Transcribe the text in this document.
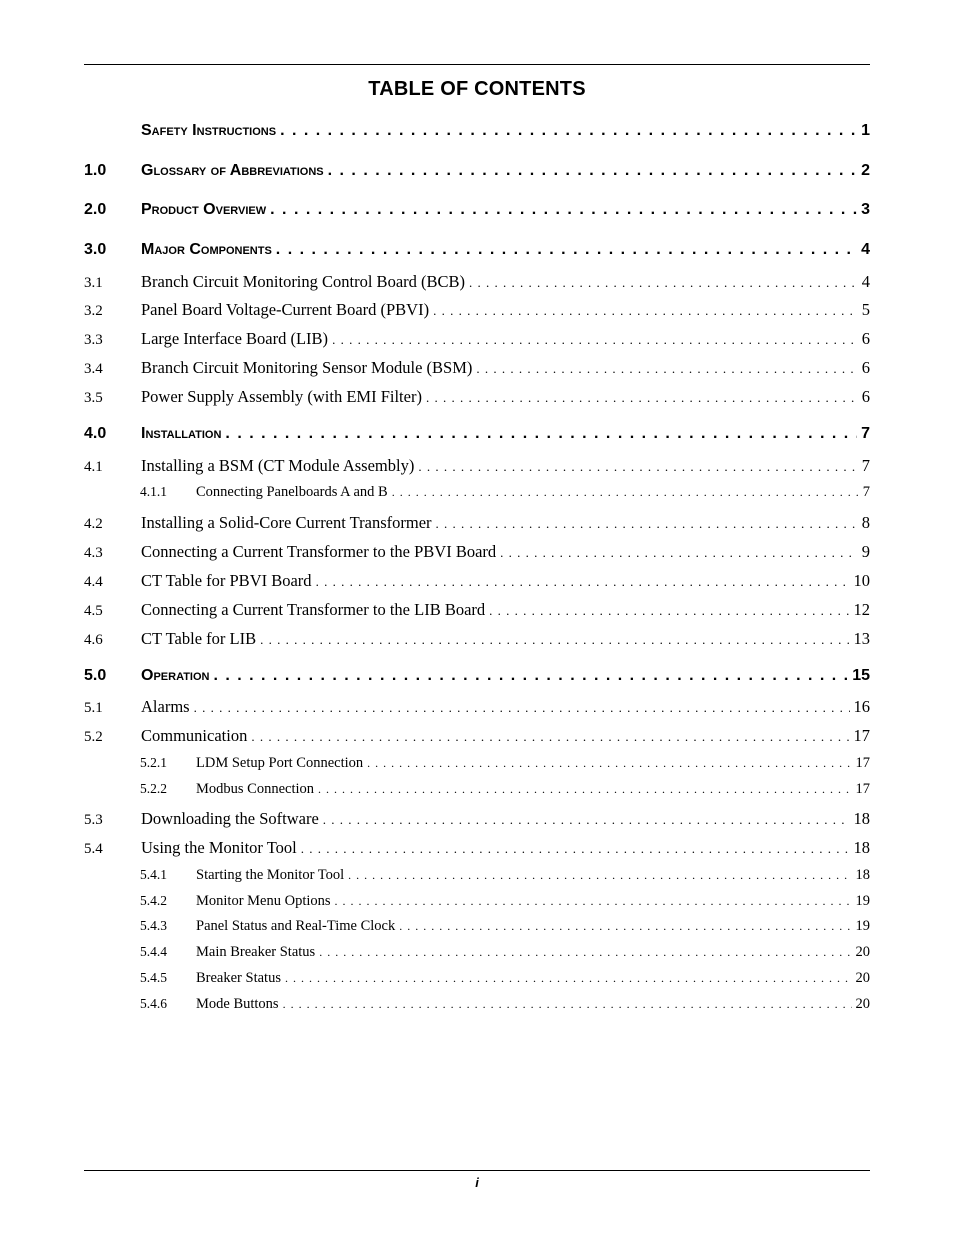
TABLE OF CONTENTS
Safety Instructions . . .	1
1.0	Glossary of Abbreviations . . .	2
2.0	Product Overview . . .	3
3.0	Major Components . . .	4
3.1	Branch Circuit Monitoring Control Board (BCB) . . .	4
3.2	Panel Board Voltage-Current Board (PBVI) . . .	5
3.3	Large Interface Board (LIB) . . .	6
3.4	Branch Circuit Monitoring Sensor Module (BSM) . . .	6
3.5	Power Supply Assembly (with EMI Filter) . . .	6
4.0	Installation . . .	7
4.1	Installing a BSM (CT Module Assembly) . . .	7
4.1.1	Connecting Panelboards A and B . . .	7
4.2	Installing a Solid-Core Current Transformer . . .	8
4.3	Connecting a Current Transformer to the PBVI Board . . .	9
4.4	CT Table for PBVI Board . . .	10
4.5	Connecting a Current Transformer to the LIB Board . . .	12
4.6	CT Table for LIB . . .	13
5.0	Operation . . .	15
5.1	Alarms . . .	16
5.2	Communication . . .	17
5.2.1	LDM Setup Port Connection . . .	17
5.2.2	Modbus Connection . . .	17
5.3	Downloading the Software . . .	18
5.4	Using the Monitor Tool . . .	18
5.4.1	Starting the Monitor Tool . . .	18
5.4.2	Monitor Menu Options . . .	19
5.4.3	Panel Status and Real-Time Clock . . .	19
5.4.4	Main Breaker Status . . .	20
5.4.5	Breaker Status . . .	20
5.4.6	Mode Buttons . . .	20
i
